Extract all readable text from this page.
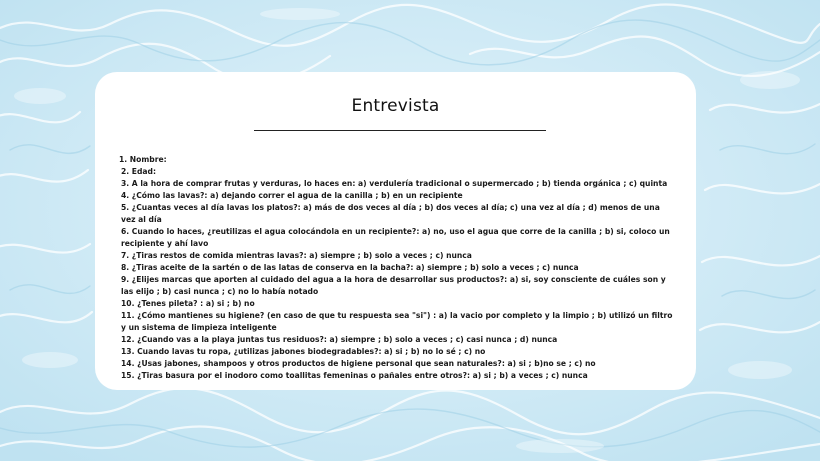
Entrevista
1. Nombre:
2. Edad:
3. A la hora de comprar frutas y verduras, lo haces en: a) verdulería tradicional o supermercado ; b) tienda orgánica ; c) quinta
4. ¿Cómo las lavas?: a) dejando correr el agua de la canilla ; b) en un recipiente
5. ¿Cuantas veces al día lavas los platos?: a) más de dos veces al día ; b) dos veces al día; c) una vez al día ; d) menos de una vez al día
6. Cuando lo haces, ¿reutilizas el agua colocándola en un recipiente?: a) no, uso el agua que corre de la canilla ; b) si, coloco un recipiente y ahí lavo
7. ¿Tiras restos de comida mientras lavas?: a) siempre ; b) solo a veces ; c) nunca
8. ¿Tiras aceite de la sartén o de las latas de conserva en la bacha?: a) siempre ; b) solo a veces ; c) nunca
9. ¿Elijes marcas que aporten al cuidado del agua a la hora de desarrollar sus productos?: a) si, soy consciente de cuáles son y las elijo ; b) casi nunca ; c) no lo había notado
10. ¿Tenes pileta? : a) si ; b) no
11. ¿Cómo mantienes su higiene? (en caso de que tu respuesta sea "si") : a) la vacio por completo y la limpio ; b) utilizó un filtro y un sistema de limpieza inteligente
12. ¿Cuando vas a la playa juntas tus residuos?: a) siempre ; b) solo a veces ; c) casi nunca ; d) nunca
13. Cuando lavas tu ropa, ¿utilizas jabones biodegradables?: a) si ; b) no lo sé ; c) no
14. ¿Usas jabones, shampoos y otros productos de higiene personal que sean naturales?: a) si ; b)no se ; c) no
15. ¿Tiras basura por el inodoro como toallitas femeninas o pañales entre otros?: a) si ; b) a veces ; c) nunca
